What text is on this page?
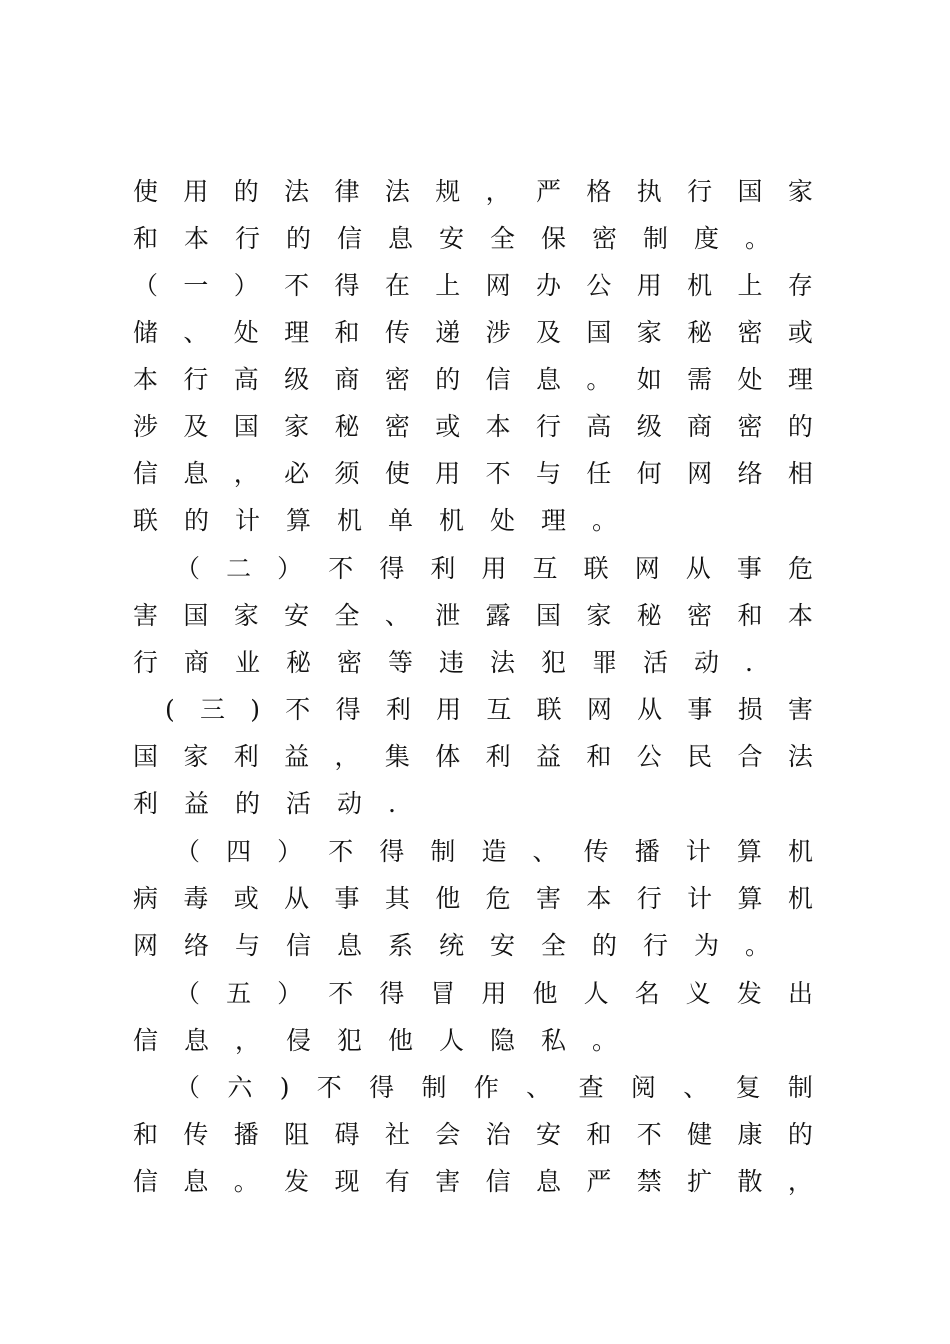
使 用 的 法 律 法 规 ， 严 格 执 行 国 家
和本行的信息安全保密制度。
（ 一 ） 不 得 在 上 网 办 公 用 机 上 存
储 、 处 理 和 传 递 涉 及 国 家 秘 密 或
本 行 高 级 商 密 的 信 息 。 如 需 处 理
涉 及 国 家 秘 密 或 本 行 高 级 商 密 的
信 息 ， 必 须 使 用 不 与 任 何 网 络 相
联的计算机单机处理。
（ 二 ） 不 得 利 用 互 联 网 从 事 危
害 国 家 安 全 、 泄 露 国 家 秘 密 和 本
行商业秘密等违法犯罪活动.
( 三 ) 不 得 利 用 互 联 网 从 事 损 害
国 家 利 益 ， 集 体 利 益 和 公 民 合 法
利益的活动.
（ 四 ） 不 得 制 造 、 传 播 计 算 机
病 毒 或 从 事 其 他 危 害 本 行 计 算 机
网络与信息系统安全的行为。
（ 五 ） 不 得 冒 用 他 人 名 义 发 出
信息，侵犯他人隐私。
（ 六 ) 不 得 制 作 、 查 阅 、 复 制
和 传 播 阻 碍 社 会 治 安 和 不 健 康 的
信 息 。 发 现 有 害 信 息 严 禁 扩 散 ，
